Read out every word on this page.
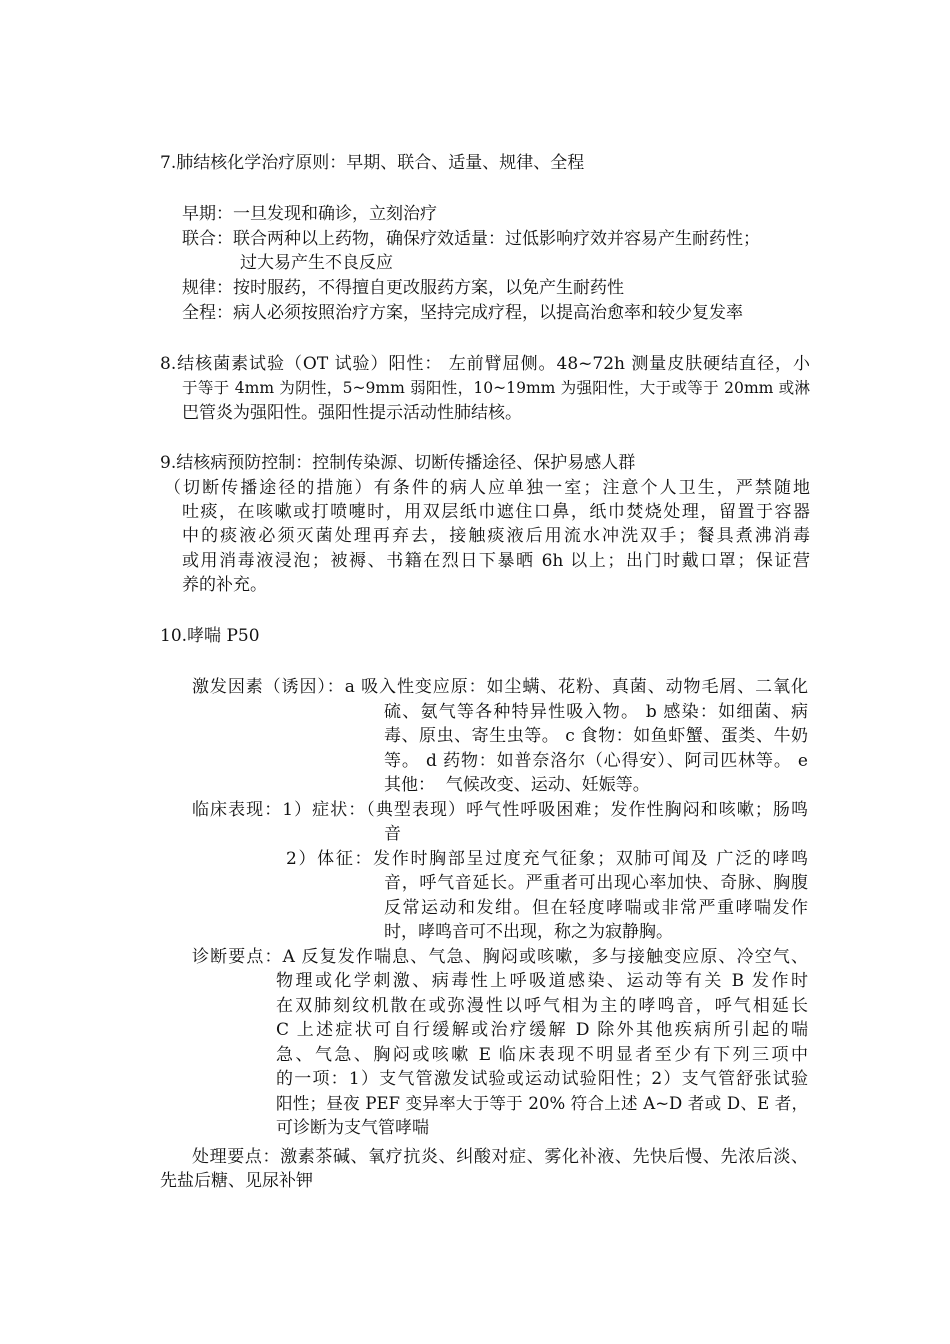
7.肺结核化学治疗原则：早期、联合、适量、规律、全程
早期：一旦发现和确诊，立刻治疗
联合：联合两种以上药物，确保疗效适量：过低影响疗效并容易产生耐药性；
过大易产生不良反应
规律：按时服药，不得擅自更改服药方案，以免产生耐药性
全程：病人必须按照治疗方案，坚持完成疗程，以提高治愈率和较少复发率
8.结核菌素试验（OT 试验）阳性： 左前臂屈侧。48~72h 测量皮肤硬结直径，小
于等于 4mm 为阴性，5~9mm 弱阳性，10~19mm 为强阳性，大于或等于 20mm 或淋
巴管炎为强阳性。强阳性提示活动性肺结核。
9.结核病预防控制：控制传染源、切断传播途径、保护易感人群
（切断传播途径的措施）有条件的病人应单独一室；注意个人卫生，严禁随地
吐痰，在咳嗽或打喷嚏时，用双层纸巾遮住口鼻，纸巾焚烧处理，留置于容器
中的痰液必须灭菌处理再弃去，接触痰液后用流水冲洗双手；餐具煮沸消毒
或用消毒液浸泡；被褥、书籍在烈日下暴晒 6h 以上；出门时戴口罩；保证营
养的补充。
10.哮喘 P50
激发因素（诱因）：a 吸入性变应原：如尘螨、花粉、真菌、动物毛屑、二氧化
硫、氨气等各种特异性吸入物。 b 感染：如细菌、病
毒、原虫、寄生虫等。 c 食物：如鱼虾蟹、蛋类、牛奶
等。 d 药物：如普奈洛尔（心得安）、阿司匹林等。 e
其他：  气候改变、运动、妊娠等。
临床表现：1）症状：（典型表现）呼气性呼吸困难；发作性胸闷和咳嗽；肠鸣
音
2）体征：发作时胸部呈过度充气征象；双肺可闻及 广泛的哮鸣
音，呼气音延长。严重者可出现心率加快、奇脉、胸腹
反常运动和发绀。但在轻度哮喘或非常严重哮喘发作
时，哮鸣音可不出现，称之为寂静胸。
诊断要点：A 反复发作喘息、气急、胸闷或咳嗽，多与接触变应原、冷空气、
物理或化学刺激、病毒性上呼吸道感染、运动等有关 B 发作时
在双肺刻纹机散在或弥漫性以呼气相为主的哮鸣音，呼气相延长
C 上述症状可自行缓解或治疗缓解 D 除外其他疾病所引起的喘
急、气急、胸闷或咳嗽 E 临床表现不明显者至少有下列三项中
的一项：1）支气管激发试验或运动试验阳性；2）支气管舒张试验
阳性；昼夜 PEF 变异率大于等于 20% 符合上述 A~D 者或 D、E 者，
可诊断为支气管哮喘
处理要点：激素茶碱、氧疗抗炎、纠酸对症、雾化补液、先快后慢、先浓后淡、
先盐后糖、见尿补钾
